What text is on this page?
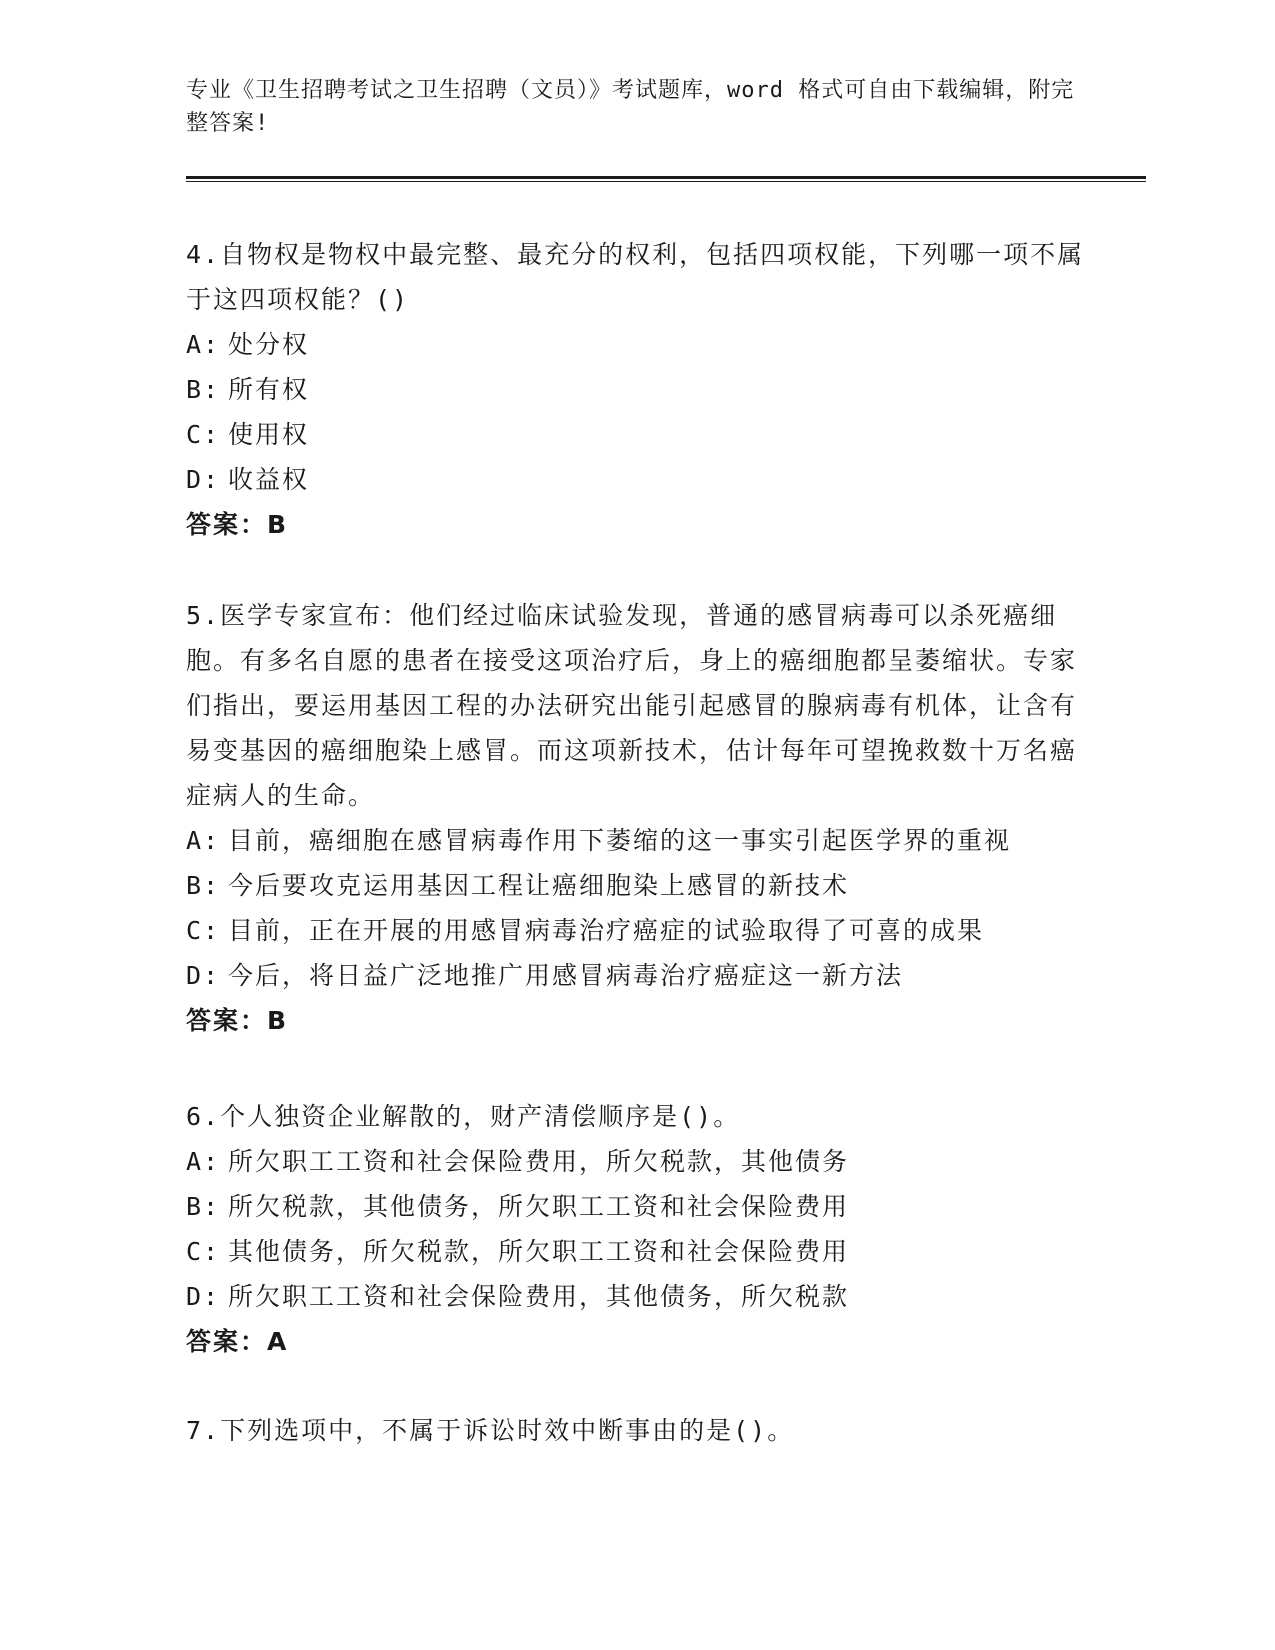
专业《卫生招聘考试之卫生招聘（文员）》考试题库，word 格式可自由下载编辑，附完整答案!

4.自物权是物权中最完整、最充分的权利，包括四项权能，下列哪一项不属于这四项权能？()

A: 处分权

B: 所有权

C: 使用权

D: 收益权

答案：B

5.医学专家宣布：他们经过临床试验发现，普通的感冒病毒可以杀死癌细胞。有多名自愿的患者在接受这项治疗后，身上的癌细胞都呈萎缩状。专家们指出，要运用基因工程的办法研究出能引起感冒的腺病毒有机体，让含有易变基因的癌细胞染上感冒。而这项新技术，估计每年可望挽救数十万名癌症病人的生命。

A: 目前，癌细胞在感冒病毒作用下萎缩的这一事实引起医学界的重视

B: 今后要攻克运用基因工程让癌细胞染上感冒的新技术

C: 目前，正在开展的用感冒病毒治疗癌症的试验取得了可喜的成果

D: 今后，将日益广泛地推广用感冒病毒治疗癌症这一新方法

答案：B

6.个人独资企业解散的，财产清偿顺序是()。

A: 所欠职工工资和社会保险费用，所欠税款，其他债务

B: 所欠税款，其他债务，所欠职工工资和社会保险费用

C: 其他债务，所欠税款，所欠职工工资和社会保险费用

D: 所欠职工工资和社会保险费用，其他债务，所欠税款

答案：A

7.下列选项中，不属于诉讼时效中断事由的是()。
